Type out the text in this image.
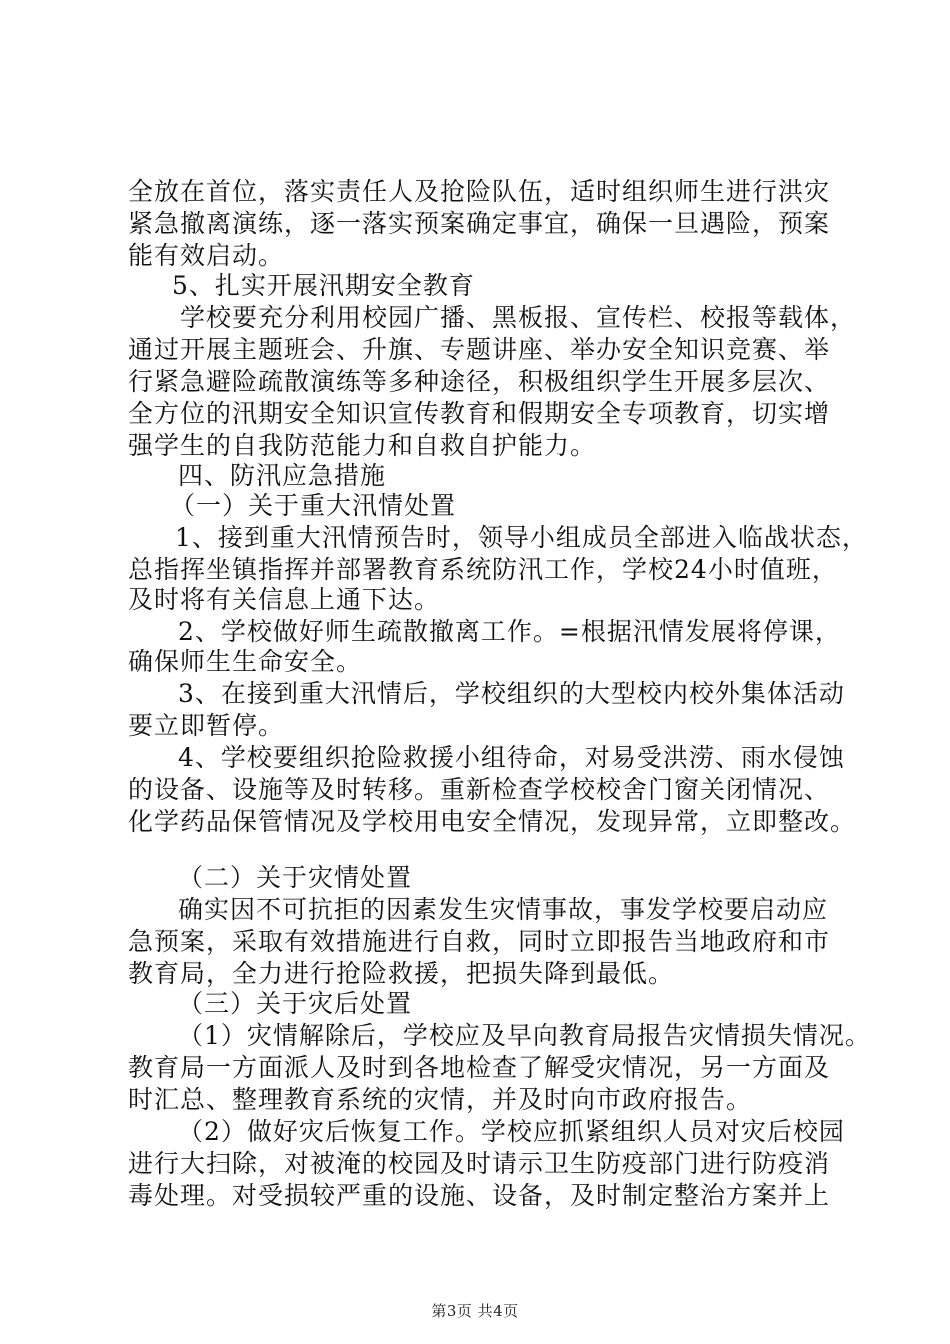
全放在首位，落实责任人及抢险队伍，适时组织师生进行洪灾
紧急撤离演练，逐一落实预案确定事宜，确保一旦遇险，预案
能有效启动。
5、扎实开展汛期安全教育
学校要充分利用校园广播、黑板报、宣传栏、校报等载体，
通过开展主题班会、升旗、专题讲座、举办安全知识竞赛、举
行紧急避险疏散演练等多种途径，积极组织学生开展多层次、
全方位的汛期安全知识宣传教育和假期安全专项教育，切实增
强学生的自我防范能力和自救自护能力。
四、防汛应急措施
（一）关于重大汛情处置
1、接到重大汛情预告时，领导小组成员全部进入临战状态，
总指挥坐镇指挥并部署教育系统防汛工作，学校24小时值班，
及时将有关信息上通下达。
2、学校做好师生疏散撤离工作。=根据汛情发展将停课，
确保师生生命安全。
3、在接到重大汛情后，学校组织的大型校内校外集体活动
要立即暂停。
4、学校要组织抢险救援小组待命，对易受洪涝、雨水侵蚀
的设备、设施等及时转移。重新检查学校校舍门窗关闭情况、
化学药品保管情况及学校用电安全情况，发现异常，立即整改。
（二）关于灾情处置
确实因不可抗拒的因素发生灾情事故，事发学校要启动应
急预案，采取有效措施进行自救，同时立即报告当地政府和市
教育局，全力进行抢险救援，把损失降到最低。
（三）关于灾后处置
（1）灾情解除后，学校应及早向教育局报告灾情损失情况。
教育局一方面派人及时到各地检查了解受灾情况，另一方面及
时汇总、整理教育系统的灾情，并及时向市政府报告。
（2）做好灾后恢复工作。学校应抓紧组织人员对灾后校园
进行大扫除，对被淹的校园及时请示卫生防疫部门进行防疫消
毒处理。对受损较严重的设施、设备，及时制定整治方案并上
第3页 共4页
